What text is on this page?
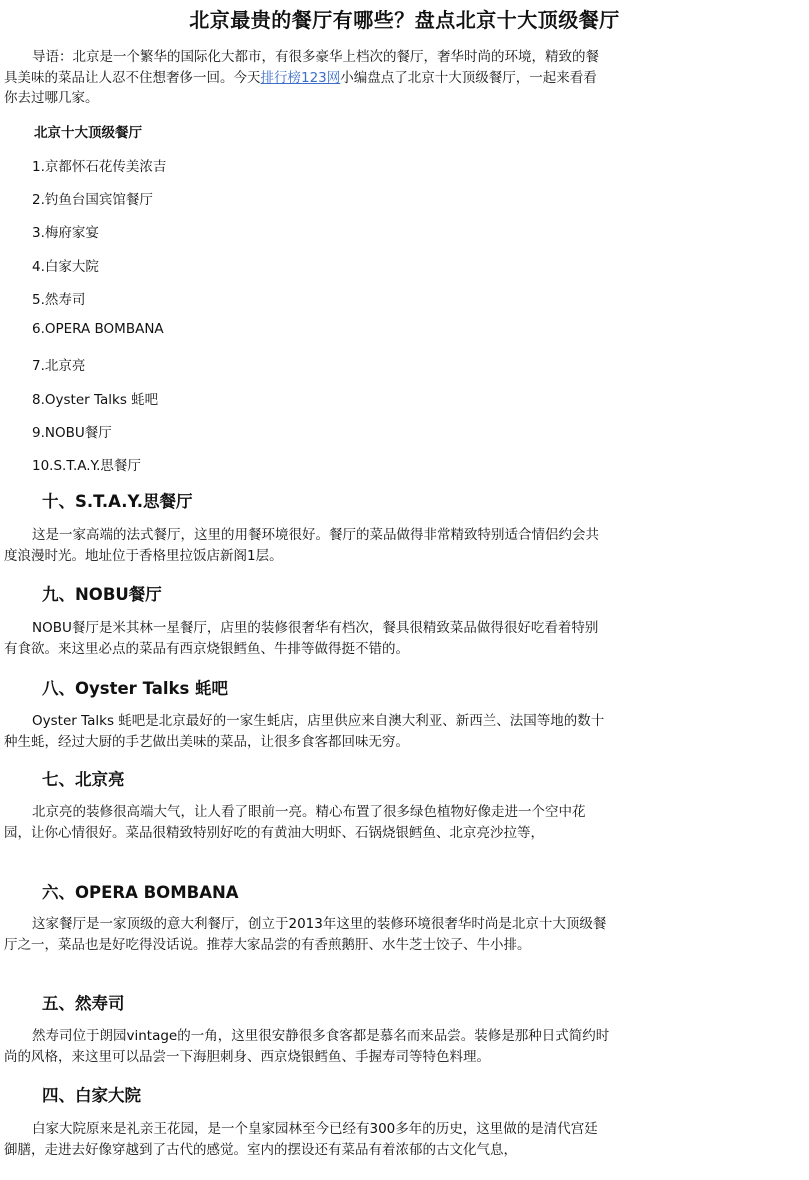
北京最贵的餐厅有哪些？盘点北京十大顶级餐厅

导语：北京是一个繁华的国际化大都市，有很多豪华上档次的餐厅，奢华时尚的环境，精致的餐具美味的菜品让人忍不住想奢侈一回。今天排行榜123网小编盘点了北京十大顶级餐厅，一起来看看你去过哪几家。

北京十大顶级餐厅

1.京都怀石花传美浓吉

2.钓鱼台国宾馆餐厅

3.梅府家宴

4.白家大院

5.然寿司

6.OPERA BOMBANA

7.北京亮

8.Oyster Talks 蚝吧

9.NOBU餐厅

10.S.T.A.Y.思餐厅

十、S.T.A.Y.思餐厅

这是一家高端的法式餐厅，这里的用餐环境很好。餐厅的菜品做得非常精致特别适合情侣约会共度浪漫时光。地址位于香格里拉饭店新阁1层。

九、NOBU餐厅

NOBU餐厅是米其林一星餐厅，店里的装修很奢华有档次，餐具很精致菜品做得很好吃看着特别有食欲。来这里必点的菜品有西京烧银鳕鱼、牛排等做得挺不错的。

八、Oyster Talks 蚝吧

Oyster Talks 蚝吧是北京最好的一家生蚝店，店里供应来自澳大利亚、新西兰、法国等地的数十种生蚝，经过大厨的手艺做出美味的菜品，让很多食客都回味无穷。

七、北京亮

北京亮的装修很高端大气，让人看了眼前一亮。精心布置了很多绿色植物好像走进一个空中花园，让你心情很好。菜品很精致特别好吃的有黄油大明虾、石锅烧银鳕鱼、北京亮沙拉等，

六、OPERA BOMBANA

这家餐厅是一家顶级的意大利餐厅，创立于2013年这里的装修环境很奢华时尚是北京十大顶级餐厅之一，菜品也是好吃得没话说。推荐大家品尝的有香煎鹅肝、水牛芝士饺子、牛小排。

五、然寿司

然寿司位于朗园vintage的一角，这里很安静很多食客都是慕名而来品尝。装修是那种日式简约时尚的风格，来这里可以品尝一下海胆刺身、西京烧银鳕鱼、手握寿司等特色料理。

四、白家大院

白家大院原来是礼亲王花园，是一个皇家园林至今已经有300多年的历史，这里做的是清代宫廷御膳，走进去好像穿越到了古代的感觉。室内的摆设还有菜品有着浓郁的古文化气息，
